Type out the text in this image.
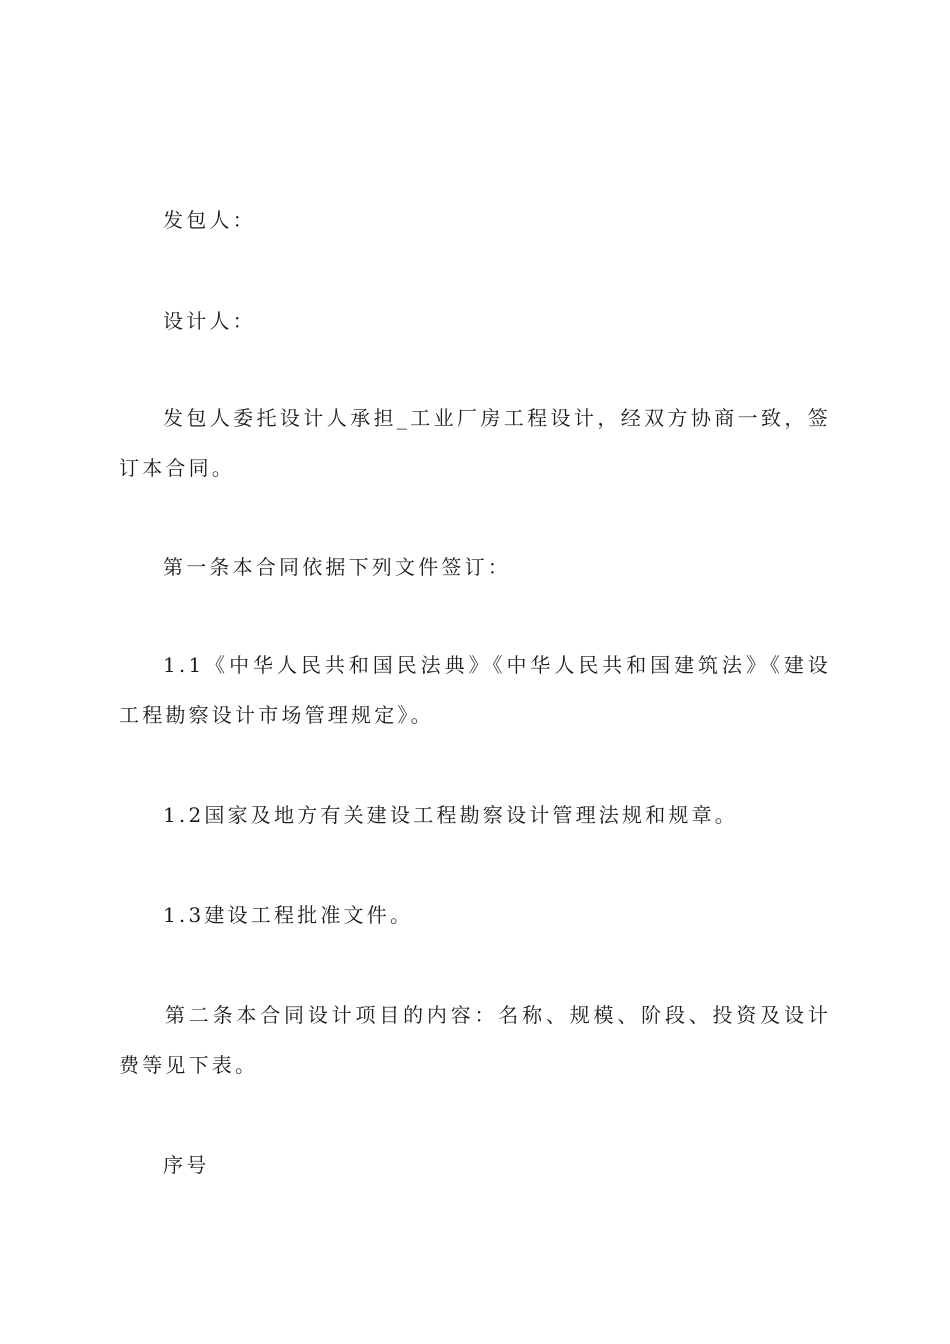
发包人：

设计人：

发包人委托设计人承担_工业厂房工程设计，经双方协商一致，签订本合同。

第一条本合同依据下列文件签订：

1.1《中华人民共和国民法典》《中华人民共和国建筑法》《建设工程勘察设计市场管理规定》。

1.2国家及地方有关建设工程勘察设计管理法规和规章。

1.3建设工程批准文件。

第二条本合同设计项目的内容：名称、规模、阶段、投资及设计费等见下表。

序号
